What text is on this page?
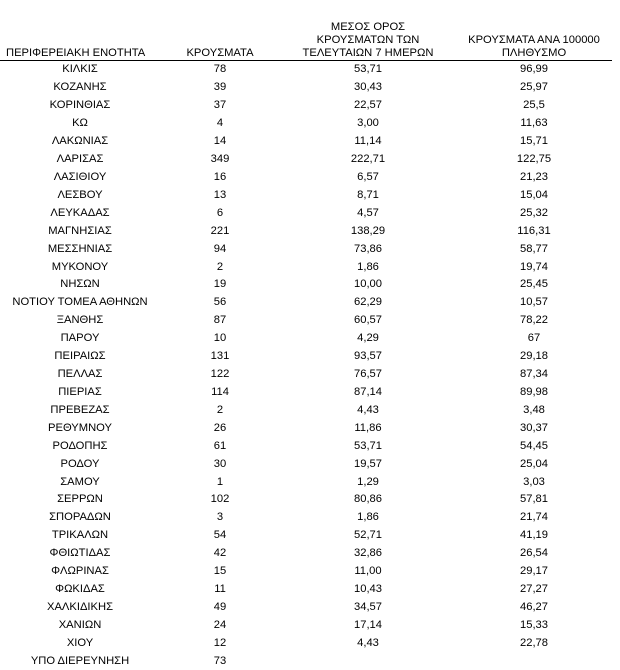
ΠΕΡΙΦΕΡΕΙΑΚΗ ΕΝΟΤΗΤΑ	ΚΡΟΥΣΜΑΤΑ	ΜΕΣΟΣ ΟΡΟΣ
ΚΡΟΥΣΜΑΤΩΝ ΤΩΝ
ΤΕΛΕΥΤΑΙΩΝ 7 ΗΜΕΡΩΝ	ΚΡΟΥΣΜΑΤΑ ΑΝΑ 100000
ΠΛΗΘΥΣΜΟ

ΚΙΛΚΙΣ	78	53,71	96,99
ΚΟΖΑΝΗΣ	39	30,43	25,97
ΚΟΡΙΝΘΙΑΣ	37	22,57	25,5
ΚΩ	4	3,00	11,63
ΛΑΚΩΝΙΑΣ	14	11,14	15,71
ΛΑΡΙΣΑΣ	349	222,71	122,75
ΛΑΣΙΘΙΟΥ	16	6,57	21,23
ΛΕΣΒΟΥ	13	8,71	15,04
ΛΕΥΚΑΔΑΣ	6	4,57	25,32
ΜΑΓΝΗΣΙΑΣ	221	138,29	116,31
ΜΕΣΣΗΝΙΑΣ	94	73,86	58,77
ΜΥΚΟΝΟΥ	2	1,86	19,74
ΝΗΣΩΝ	19	10,00	25,45
ΝΟΤΙΟΥ ΤΟΜΕΑ ΑΘΗΝΩΝ	56	62,29	10,57
ΞΑΝΘΗΣ	87	60,57	78,22
ΠΑΡΟΥ	10	4,29	67
ΠΕΙΡΑΙΩΣ	131	93,57	29,18
ΠΕΛΛΑΣ	122	76,57	87,34
ΠΙΕΡΙΑΣ	114	87,14	89,98
ΠΡΕΒΕΖΑΣ	2	4,43	3,48
ΡΕΘΥΜΝΟΥ	26	11,86	30,37
ΡΟΔΟΠΗΣ	61	53,71	54,45
ΡΟΔΟΥ	30	19,57	25,04
ΣΑΜΟΥ	1	1,29	3,03
ΣΕΡΡΩΝ	102	80,86	57,81
ΣΠΟΡΑΔΩΝ	3	1,86	21,74
ΤΡΙΚΑΛΩΝ	54	52,71	41,19
ΦΘΙΩΤΙΔΑΣ	42	32,86	26,54
ΦΛΩΡΙΝΑΣ	15	11,00	29,17
ΦΩΚΙΔΑΣ	11	10,43	27,27
ΧΑΛΚΙΔΙΚΗΣ	49	34,57	46,27
ΧΑΝΙΩΝ	24	17,14	15,33
ΧΙΟΥ	12	4,43	22,78
ΥΠΟ ΔΙΕΡΕΥΝΗΣΗ	73		
